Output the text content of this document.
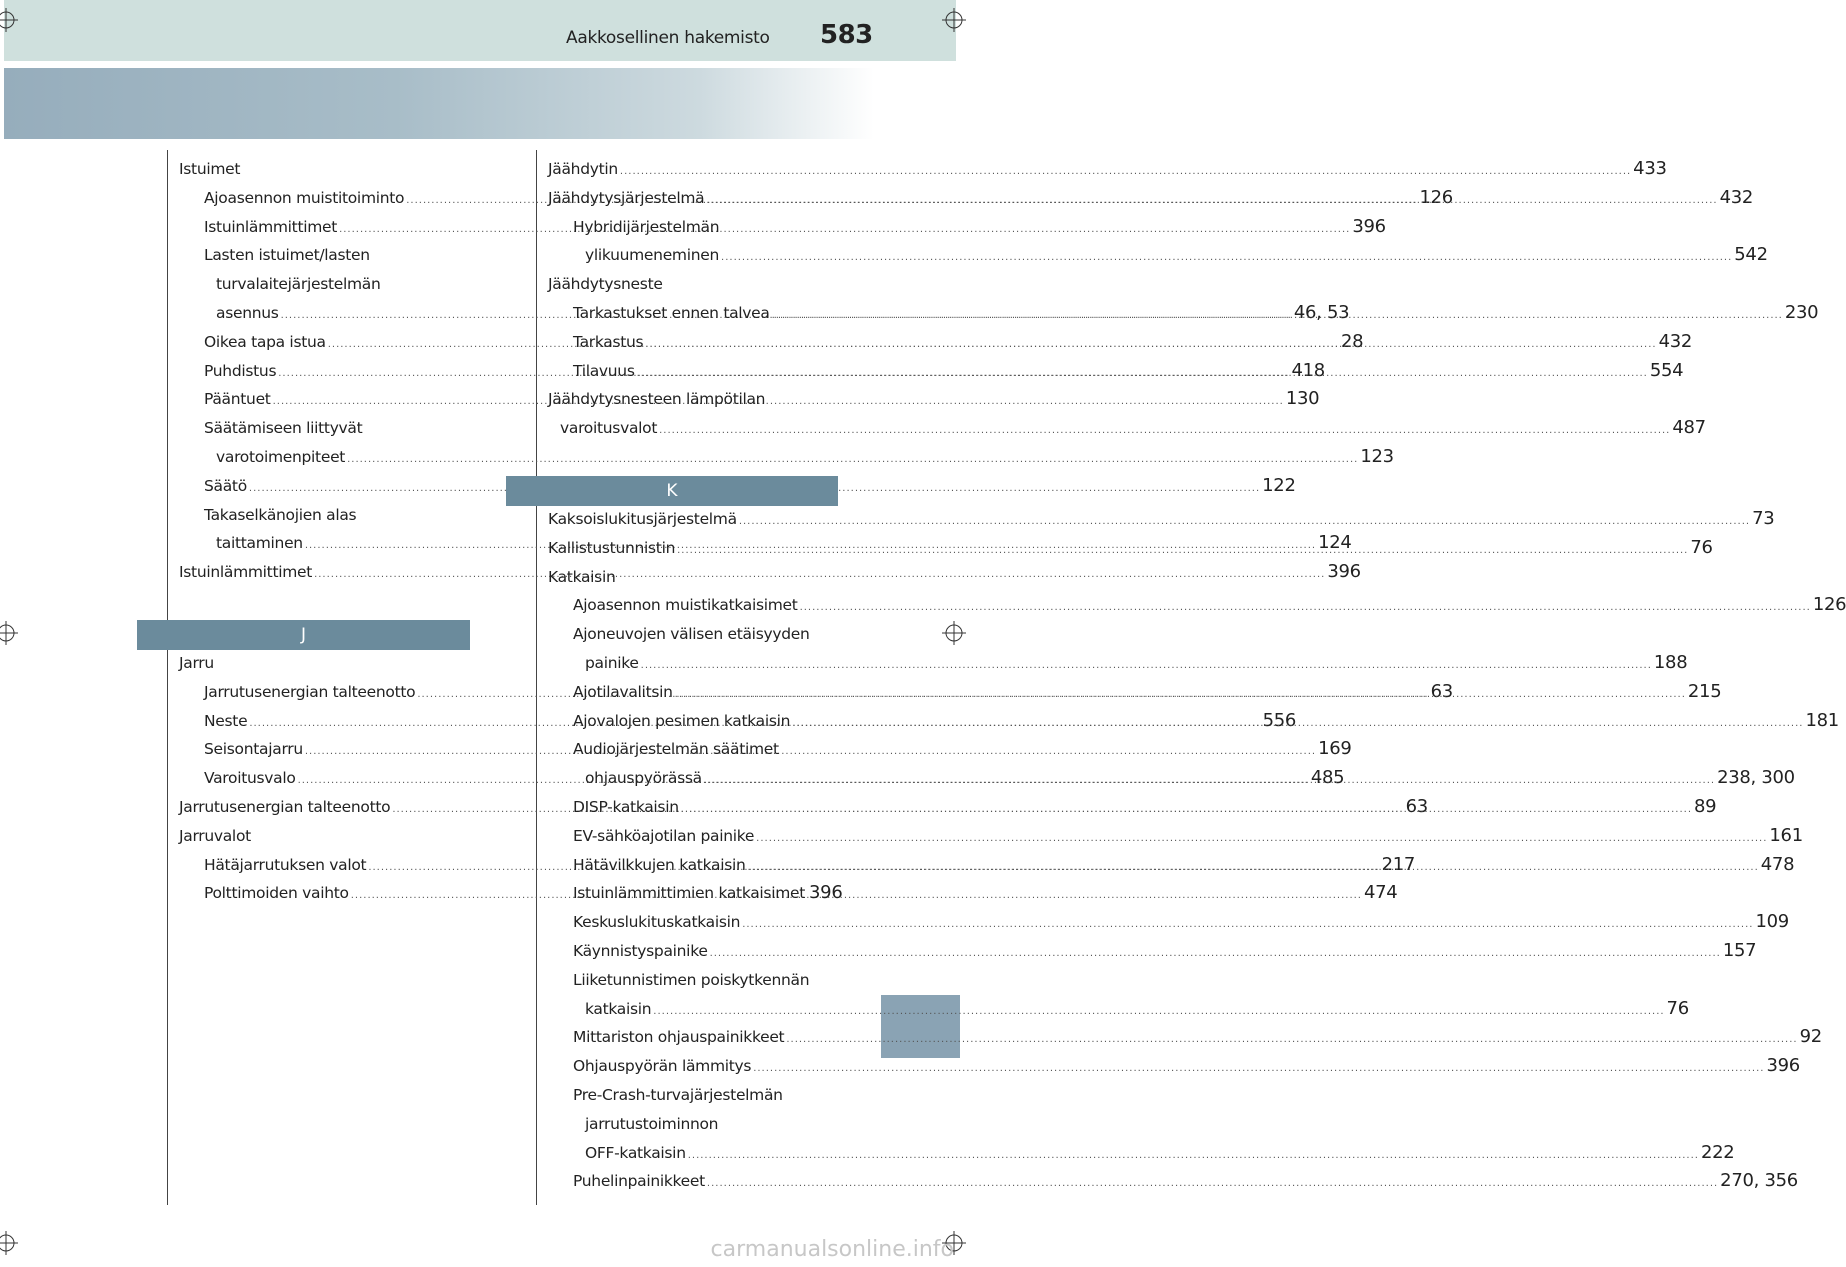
Aakkosellinen hakemisto 583
Istuimet
Ajoasennon muistitoiminto .....	126
Istuinlämmittimet .....	396
Lasten istuimet/lasten
turvalaitejärjestelmän
asennus .....	46, 53
Oikea tapa istua .....	28
Puhdistus .....	418
Pääntuet .....	130
Säätämiseen liittyvät
varotoimenpiteet .....	123
Säätö .....	122
Takaselkänojien alas
taittaminen .....	124
Istuinlämmittimet .....	396
J
Jarru
Jarrutusenergian talteenotto .....	63
Neste .....	556
Seisontajarru .....	169
Varoitusvalo .....	485
Jarrutusenergian talteenotto .....	63
Jarruvalot
Hätäjarrutuksen valot .....	217
Polttimoiden vaihto .....	474
Jäähdytin .....	433
Jäähdytysjärjestelmä .....	432
Hybridijärjestelmän
ylikuumeneminen .....	542
Jäähdytysneste
Tarkastukset ennen talvea .....	230
Tarkastus .....	432
Tilavuus .....	554
Jäähdytysnesteen lämpötilan
varoitusvalot .....	487
K
Kaksoislukitusjärjestelmä .....	73
Kallistustunnistin .....	76
Katkaisin
Ajoasennon muistikatkaisimet .....	126
Ajoneuvojen välisen etäisyyden
painike .....	188
Ajotilavalitsin .....	215
Ajovalojen pesimen katkaisin .....	181
Audiojärjestelmän säätimet
ohjauspyörässä .....	238, 300
DISP-katkaisin .....	89
EV-sähköajotilan painike .....	161
Hätävilkkujen katkaisin .....	478
Istuinlämmittimien katkaisimet 396
Keskuslukituskatkaisin .....	109
Käynnistyspainike .....	157
Liiketunnistimen poiskytkennän
katkaisin .....	76
Mittariston ohjauspainikkeet .....	92
Ohjauspyörän lämmitys .....	396
Pre-Crash-turvajärjestelmän
jarrutustoiminnon
OFF-katkaisin .....	222
Puhelinpainikkeet .....	270, 356
carmanualsonline.info
